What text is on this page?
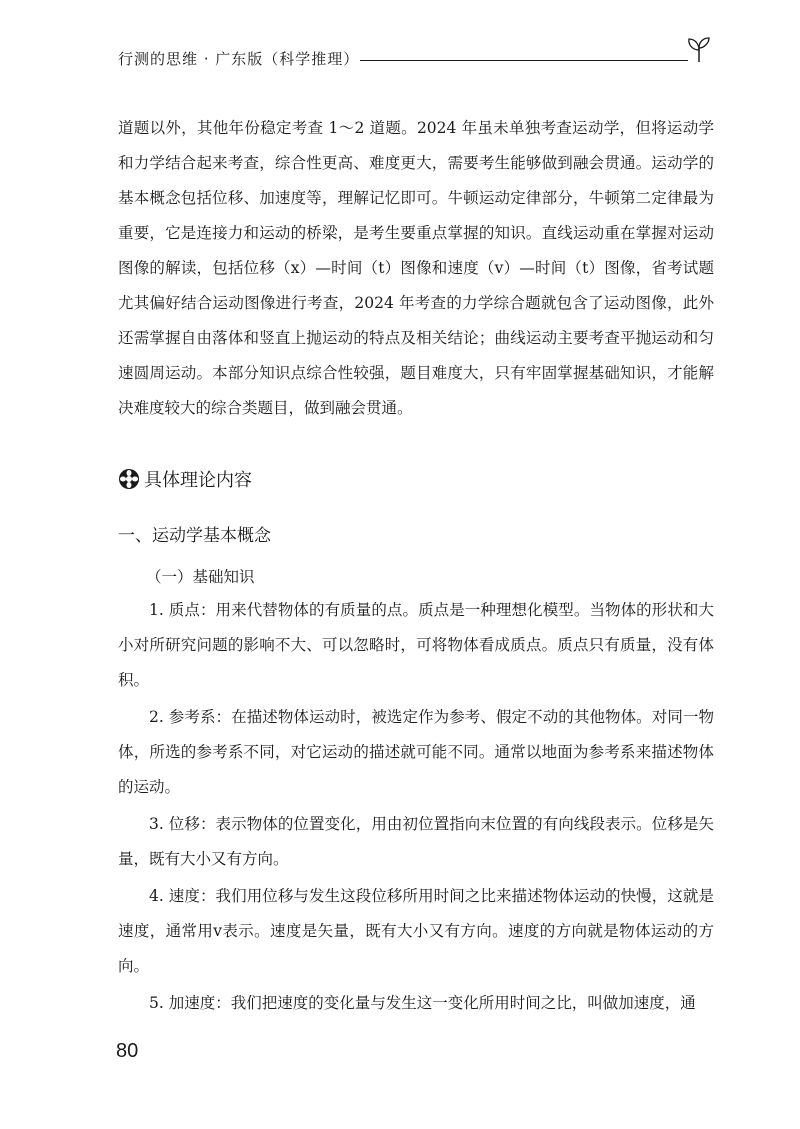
行测的思维 · 广东版（科学推理）

道题以外，其他年份稳定考查 1～2 道题。2024 年虽未单独考查运动学，但将运动学和力学结合起来考查，综合性更高、难度更大，需要考生能够做到融会贯通。运动学的基本概念包括位移、加速度等，理解记忆即可。牛顿运动定律部分，牛顿第二定律最为重要，它是连接力和运动的桥梁，是考生要重点掌握的知识。直线运动重在掌握对运动图像的解读，包括位移（x）—时间（t）图像和速度（v）—时间（t）图像，省考试题尤其偏好结合运动图像进行考查，2024 年考查的力学综合题就包含了运动图像，此外还需掌握自由落体和竖直上抛运动的特点及相关结论；曲线运动主要考查平抛运动和匀速圆周运动。本部分知识点综合性较强，题目难度大，只有牢固掌握基础知识，才能解决难度较大的综合类题目，做到融会贯通。

具体理论内容
一、运动学基本概念
（一）基础知识

1. 质点：用来代替物体的有质量的点。质点是一种理想化模型。当物体的形状和大小对所研究问题的影响不大、可以忽略时，可将物体看成质点。质点只有质量，没有体积。

2. 参考系：在描述物体运动时，被选定作为参考、假定不动的其他物体。对同一物体，所选的参考系不同，对它运动的描述就可能不同。通常以地面为参考系来描述物体的运动。

3. 位移：表示物体的位置变化，用由初位置指向末位置的有向线段表示。位移是矢量，既有大小又有方向。

4. 速度：我们用位移与发生这段位移所用时间之比来描述物体运动的快慢，这就是速度，通常用v表示。速度是矢量，既有大小又有方向。速度的方向就是物体运动的方向。

5. 加速度：我们把速度的变化量与发生这一变化所用时间之比，叫做加速度，通

80
